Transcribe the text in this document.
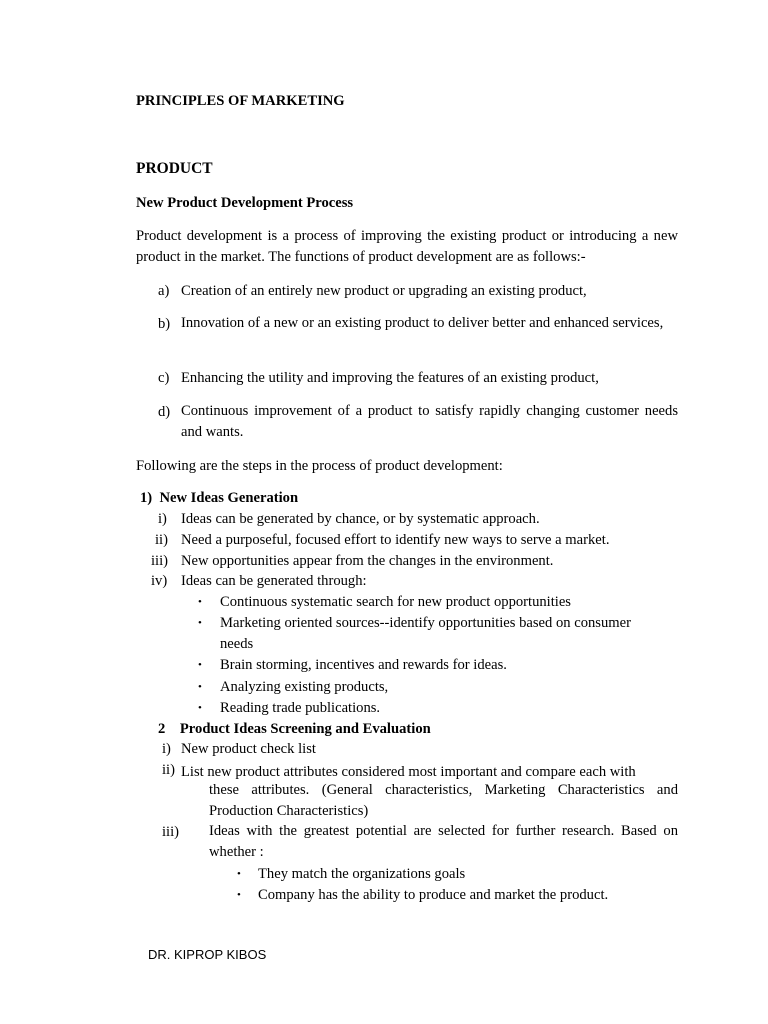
PRINCIPLES OF MARKETING
PRODUCT
New Product Development Process
Product development is a process of improving the existing product or introducing a new product in the market. The functions of product development are as follows:-
a) Creation of an entirely new product or upgrading an existing product,
b) Innovation of a new or an existing product to deliver better and enhanced services,
c) Enhancing the utility and improving the features of an existing product,
d) Continuous improvement of a product to satisfy rapidly changing customer needs and wants.
Following are the steps in the process of product development:
1)  New Ideas Generation
i) Ideas can be generated by chance, or by systematic approach.
ii) Need a purposeful, focused effort to identify new ways to serve a market.
iii) New opportunities appear from the changes in the environment.
iv) Ideas can be generated through:
• Continuous systematic search for new product opportunities
• Marketing oriented sources--identify opportunities based on consumer
needs
• Brain storming, incentives and rewards for ideas.
• Analyzing existing products,
• Reading trade publications.
2    Product Ideas Screening and Evaluation
i) New product check list
ii) List new product attributes considered most important and compare each with
these attributes. (General characteristics, Marketing Characteristics and Production Characteristics)
iii) Ideas with the greatest potential are selected for further research. Based on whether :
• They match the organizations goals
• Company has the ability to produce and market the product.
DR. KIPROP KIBOS
